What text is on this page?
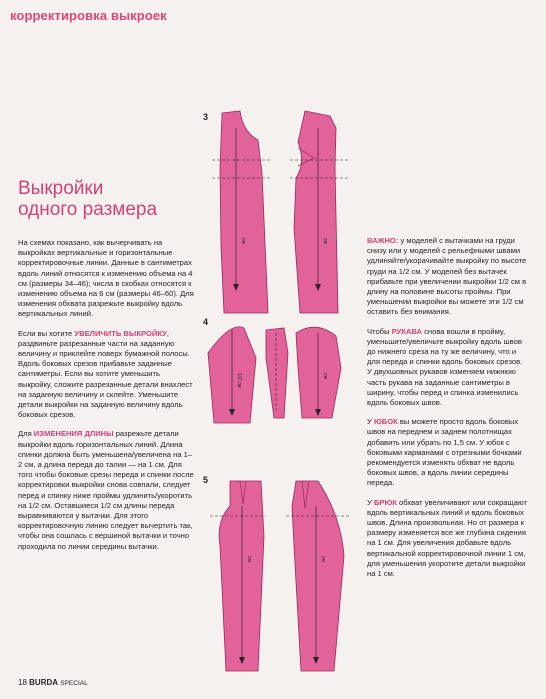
корректировка выкроек
Выкройки
одного размера

На схемах показано, как вычерчивать на выкройках вертикальные и горизонтальные корректировочные линии. Данные в сантиметрах вдоль линий относятся к изменению объема на 4 см (размеры 34–46); числа в скобках относятся к изменению объема на 6 см (размеры 46–60). Для изменения обхвата разрежьте выкройку вдоль вертикальных линий.

Если вы хотите УВЕЛИЧИТЬ ВЫКРОЙКУ, раздвиньте разрезанные части на заданную величину и приклейте поверх бумажной полосы. Вдоль боковых срезов прибавьте заданные сантиметры. Если вы хотите уменьшить выкройку, сложите разрезанные детали внахлест на заданную величину и склейте. Уменьшите детали выкройки на заданную величину вдоль боковых срезов.

Для ИЗМЕНЕНИЯ ДЛИНЫ разрежьте детали выкройки вдоль горизонтальных линий. Длина спинки должна быть уменьшена/увеличена на 1–2 см, а длина переда до талии — на 1 см. Для того чтобы боковые срезы переда и спинки после корректировки выкройки снова совпали, следует перед и спинку ниже проймы удлинить/укоротить на 1/2 см. Оставшиеся 1/2 см длины переда выравниваются у вытачки. Для этого корректировочную линию следует вычертить так, чтобы она сошлась с вершиной вытачки и точно проходила по линии середины вытачки.

ВАЖНО: у моделей с вытачками на груди снизу или у моделей с рельефными швами удлиняйте/укорачивайте выкройку по высоте груди на 1/2 см. У моделей без вытачек прибавьте при увеличении выкройки 1/2 см в длину на половине высоты проймы. При уменьшении выкройки вы можете эти 1/2 см оставить без внимания.

Чтобы РУКАВА снова вошли в пройму, уменьшите/увеличьте выкройку вдоль швов до нижнего среза на ту же величину, что и для переда и спинки вдоль боковых срезов. У двухшовных рукавов изменяем нижнюю часть рукава на заданные сантиметры в ширину, чтобы перед и спинка изменились вдоль боковых швов.

У ЮБОК вы можете просто вдоль боковых швов на переднем и заднем полотнищах добавить или убрать по 1,5 см. У юбок с боковыми карманами с отрезными бочками рекомендуется изменять обхват не вдоль боковых швов, а вдоль линии середины переда.

У БРЮК обхват увеличивают или сокращают вдоль вертикальных линий и вдоль боковых швов. Длина произвольная. Но от размера к размеру изменяется все же глубина сидения на 1 см. Для увеличения добавьте вдоль вертикальной корректировочной линии 1 см, для уменьшения укоротите детали выкройки на 1 см.

3
4
5
см	см
1/2 см	см
см	см
18 BURDA SPECIAL
